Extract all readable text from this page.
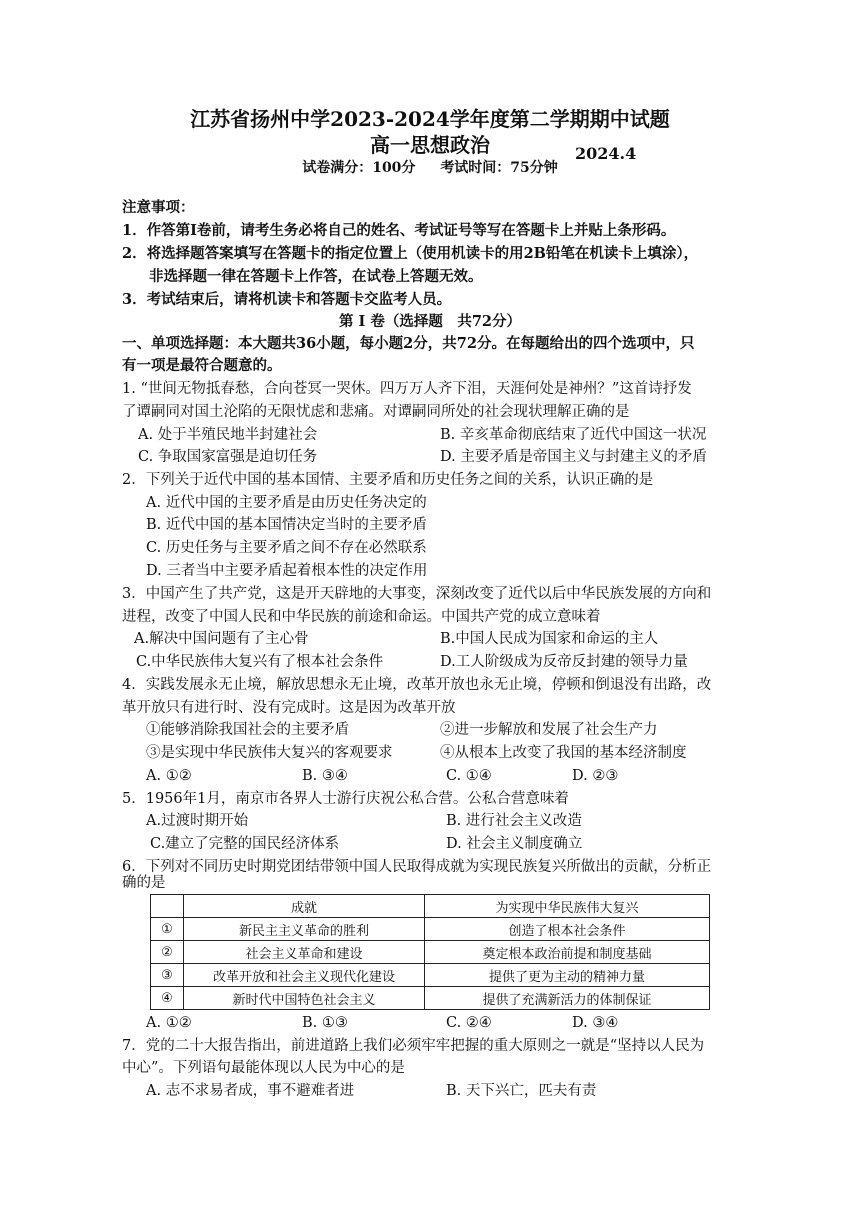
江苏省扬州中学2023-2024学年度第二学期期中试题
高一思想政治	2024.4
试卷满分：100分 考试时间：75分钟
注意事项：
1．作答第Ⅰ卷前，请考生务必将自己的姓名、考试证号等写在答题卡上并贴上条形码。
2．将选择题答案填写在答题卡的指定位置上（使用机读卡的用2B铅笔在机读卡上填涂），
非选择题一律在答题卡上作答，在试卷上答题无效。
3．考试结束后，请将机读卡和答题卡交监考人员。
第 Ⅰ 卷（选择题　共72分）
一、单项选择题：本大题共36小题，每小题2分，共72分。在每题给出的四个选项中，只
有一项是最符合题意的。
1. “世间无物抵春愁，合向苍冥一哭休。四万万人齐下泪，天涯何处是神州？”这首诗抒发
了谭嗣同对国土沦陷的无限忧虑和悲痛。对谭嗣同所处的社会现状理解正确的是
A. 处于半殖民地半封建社会	B. 辛亥革命彻底结束了近代中国这一状况
C. 争取国家富强是迫切任务	D. 主要矛盾是帝国主义与封建主义的矛盾
2．下列关于近代中国的基本国情、主要矛盾和历史任务之间的关系，认识正确的是
A. 近代中国的主要矛盾是由历史任务决定的
B. 近代中国的基本国情决定当时的主要矛盾
C. 历史任务与主要矛盾之间不存在必然联系
D. 三者当中主要矛盾起着根本性的决定作用
3．中国产生了共产党，这是开天辟地的大事变，深刻改变了近代以后中华民族发展的方向和
进程，改变了中国人民和中华民族的前途和命运。中国共产党的成立意味着
A.解决中国问题有了主心骨	B.中国人民成为国家和命运的主人
C.中华民族伟大复兴有了根本社会条件	D.工人阶级成为反帝反封建的领导力量
4．实践发展永无止境，解放思想永无止境，改革开放也永无止境，停顿和倒退没有出路，改
革开放只有进行时、没有完成时。这是因为改革开放
①能够消除我国社会的主要矛盾	②进一步解放和发展了社会生产力
③是实现中华民族伟大复兴的客观要求	④从根本上改变了我国的基本经济制度
A. ①②	B. ③④	C. ①④	D. ②③
5．1956年1月，南京市各界人士游行庆祝公私合营。公私合营意味着
A.过渡时期开始	B. 进行社会主义改造
C.建立了完整的国民经济体系	D. 社会主义制度确立
6．下列对不同历史时期党团结带领中国人民取得成就为实现民族复兴所做出的贡献，分析正
确的是
	成就	为实现中华民族伟大复兴
①	新民主主义革命的胜利	创造了根本社会条件
②	社会主义革命和建设	奠定根本政治前提和制度基础
③	改革开放和社会主义现代化建设	提供了更为主动的精神力量
④	新时代中国特色社会主义	提供了充满新活力的体制保证
A. ①②	B. ①③	C. ②④	D. ③④
7．党的二十大报告指出，前进道路上我们必须牢牢把握的重大原则之一就是“坚持以人民为
中心”。下列语句最能体现以人民为中心的是
A. 志不求易者成，事不避难者进	B. 天下兴亡，匹夫有责
